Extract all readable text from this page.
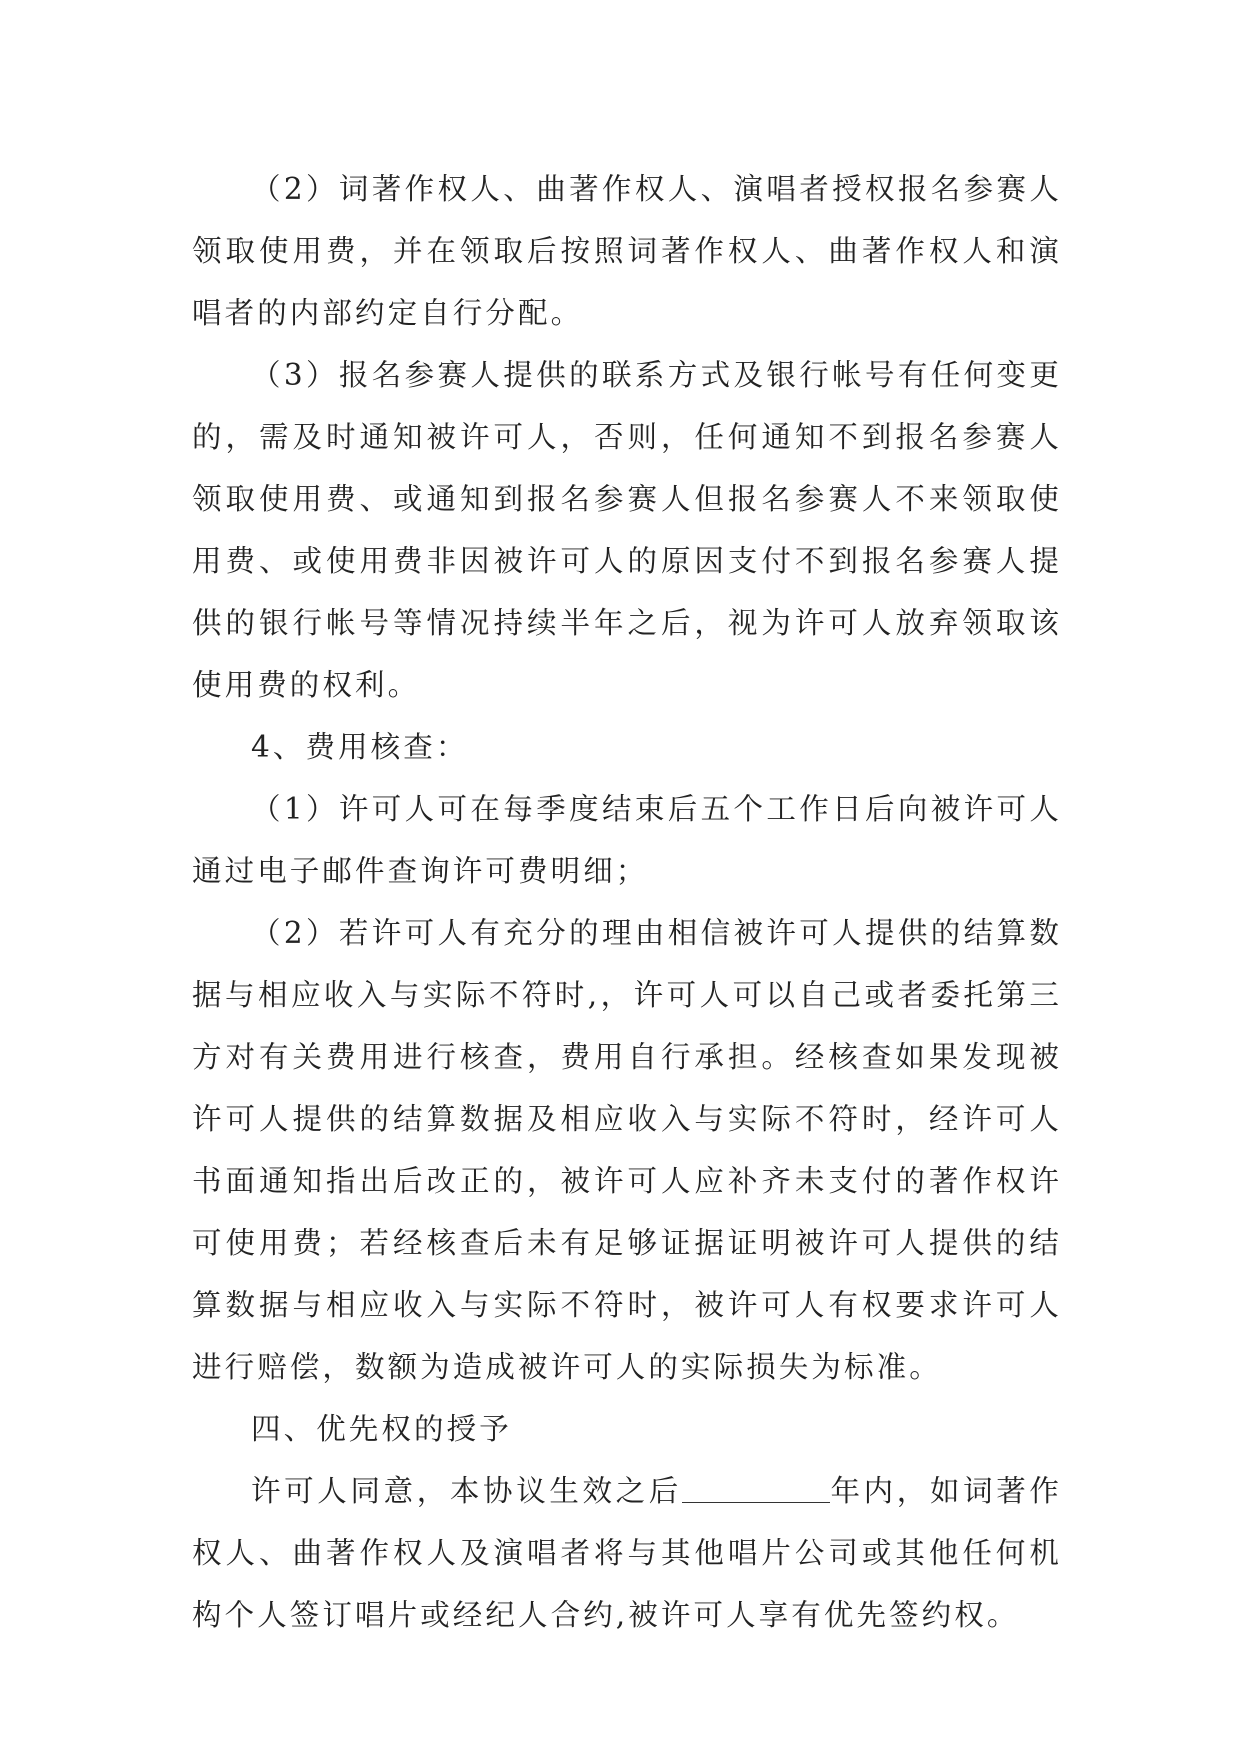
（2）词著作权人、曲著作权人、演唱者授权报名参赛人领取使用费，并在领取后按照词著作权人、曲著作权人和演唱者的内部约定自行分配。

（3）报名参赛人提供的联系方式及银行帐号有任何变更的，需及时通知被许可人，否则，任何通知不到报名参赛人领取使用费、或通知到报名参赛人但报名参赛人不来领取使用费、或使用费非因被许可人的原因支付不到报名参赛人提供的银行帐号等情况持续半年之后，视为许可人放弃领取该使用费的权利。

4、费用核查：

（1）许可人可在每季度结束后五个工作日后向被许可人通过电子邮件查询许可费明细；

（2）若许可人有充分的理由相信被许可人提供的结算数据与相应收入与实际不符时,，许可人可以自己或者委托第三方对有关费用进行核查，费用自行承担。经核查如果发现被许可人提供的结算数据及相应收入与实际不符时，经许可人书面通知指出后改正的，被许可人应补齐未支付的著作权许可使用费；若经核查后未有足够证据证明被许可人提供的结算数据与相应收入与实际不符时，被许可人有权要求许可人进行赔偿，数额为造成被许可人的实际损失为标准。

四、优先权的授予

许可人同意，本协议生效之后	年内，如词著作权人、曲著作权人及演唱者将与其他唱片公司或其他任何机构个人签订唱片或经纪人合约,被许可人享有优先签约权。
